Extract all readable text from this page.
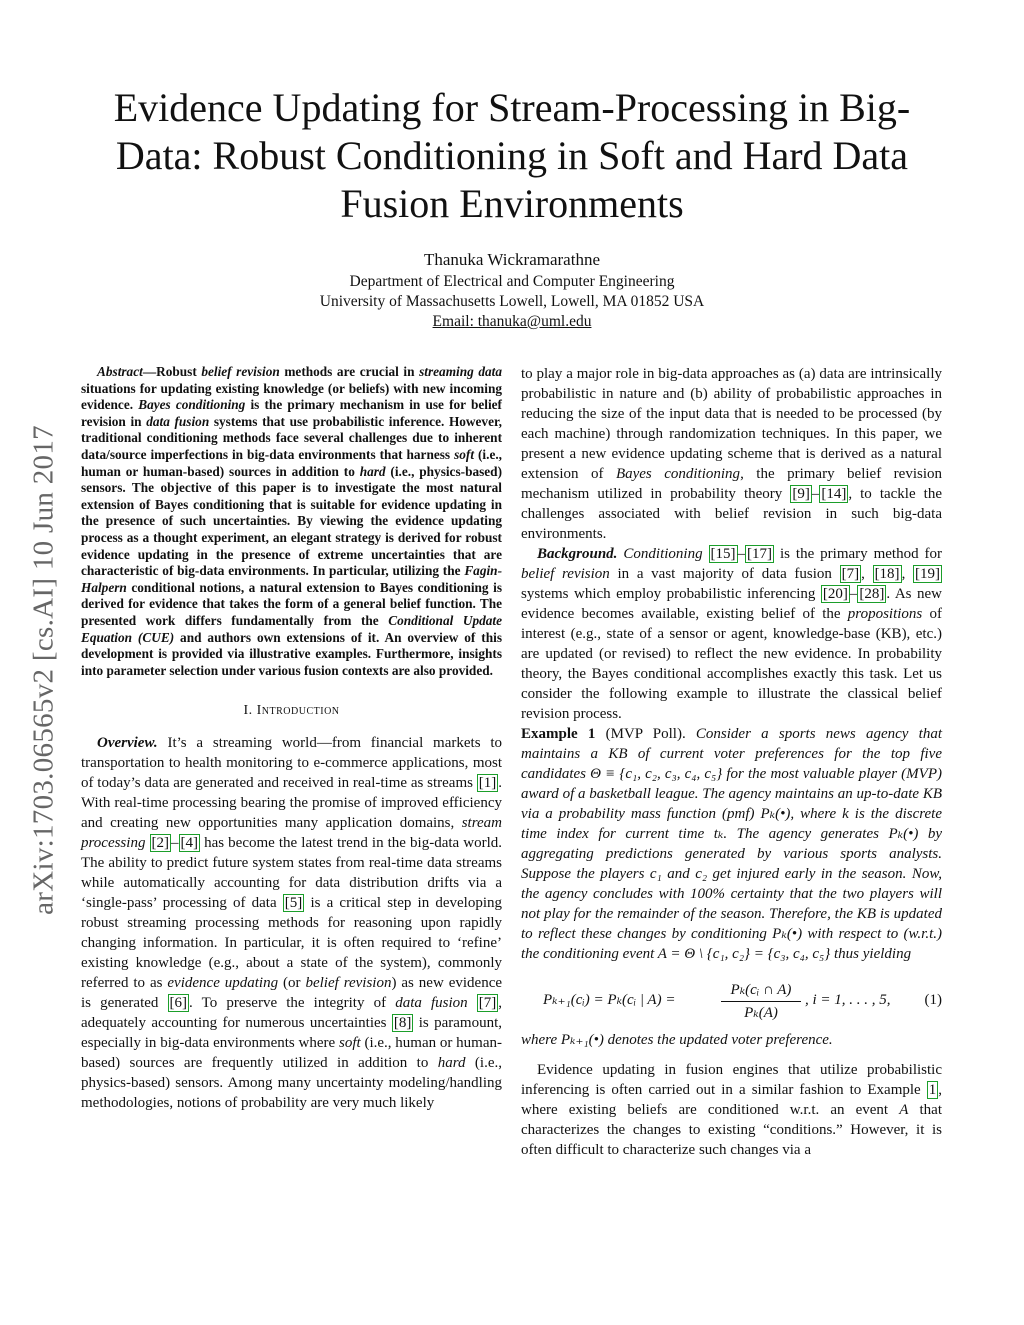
arXiv:1703.06565v2 [cs.AI] 10 Jun 2017
Evidence Updating for Stream-Processing in Big-Data: Robust Conditioning in Soft and Hard Data Fusion Environments
Thanuka Wickramarathne
Department of Electrical and Computer Engineering
University of Massachusetts Lowell, Lowell, MA 01852 USA
Email: thanuka@uml.edu

Abstract—Robust belief revision methods are crucial in streaming data situations for updating existing knowledge (or beliefs) with new incoming evidence. Bayes conditioning is the primary mechanism in use for belief revision in data fusion systems that use probabilistic inference. However, traditional conditioning methods face several challenges due to inherent data/source imperfections in big-data environments that harness soft (i.e., human or human-based) sources in addition to hard (i.e., physics-based) sensors. The objective of this paper is to investigate the most natural extension of Bayes conditioning that is suitable for evidence updating in the presence of such uncertainties. By viewing the evidence updating process as a thought experiment, an elegant strategy is derived for robust evidence updating in the presence of extreme uncertainties that are characteristic of big-data environments. In particular, utilizing the Fagin-Halpern conditional notions, a natural extension to Bayes conditioning is derived for evidence that takes the form of a general belief function. The presented work differs fundamentally from the Conditional Update Equation (CUE) and authors own extensions of it. An overview of this development is provided via illustrative examples. Furthermore, insights into parameter selection under various fusion contexts are also provided.

I. Introduction

Overview. It’s a streaming world—from financial markets to transportation to health monitoring to e-commerce applications, most of today’s data are generated and received in real-time as streams [1] . With real-time processing bearing the promise of improved efficiency and creating new opportunities many application domains, stream processing [2] – [4] has become the latest trend in the big-data world. The ability to predict future system states from real-time data streams while automatically accounting for data distribution drifts via a ‘single-pass’ processing of data [5] is a critical step in developing robust streaming processing methods for reasoning upon rapidly changing information. In particular, it is often required to ‘refine’ existing knowledge (e.g., about a state of the system), commonly referred to as evidence updating (or belief revision) as new evidence is generated [6] . To preserve the integrity of data fusion [7] , adequately accounting for numerous uncertainties [8] is paramount, especially in big-data environments where soft (i.e., human or human-based) sources are frequently utilized in addition to hard (i.e., physics-based) sensors. Among many uncertainty modeling/handling methodologies, notions of probability are very much likely

to play a major role in big-data approaches as (a) data are intrinsically probabilistic in nature and (b) ability of probabilistic approaches in reducing the size of the input data that is needed to be processed (by each machine) through randomization techniques. In this paper, we present a new evidence updating scheme that is derived as a natural extension of Bayes conditioning, the primary belief revision mechanism utilized in probability theory [9] – [14] , to tackle the challenges associated with belief revision in such big-data environments.

Background. Conditioning [15] – [17] is the primary method for belief revision in a vast majority of data fusion [7] , [18] , [19] systems which employ probabilistic inferencing [20] – [28] . As new evidence becomes available, existing belief of the propositions of interest (e.g., state of a sensor or agent, knowledge-base (KB), etc.) are updated (or revised) to reflect the new evidence. In probability theory, the Bayes conditional accomplishes exactly this task. Let us consider the following example to illustrate the classical belief revision process.

Example 1 (MVP Poll). Consider a sports news agency that maintains a KB of current voter preferences for the top five candidates Θ ≡ {c₁, c₂, c₃, c₄, c₅} for the most valuable player (MVP) award of a basketball league. The agency maintains an up-to-date KB via a probability mass function (pmf) Pₖ(•), where k is the discrete time index for current time tₖ. The agency generates Pₖ(•) by aggregating predictions generated by various sports analysts. Suppose the players c₁ and c₂ get injured early in the season. Now, the agency concludes with 100% certainty that the two players will not play for the remainder of the season. Therefore, the KB is updated to reflect these changes by conditioning Pₖ(•) with respect to (w.r.t.) the conditioning event A = Θ \ {c₁, c₂} = {c₃, c₄, c₅} thus yielding

Pₖ₊₁(cᵢ) = Pₖ(cᵢ | A) =	$\frac{\text{Pₖ(cᵢ ∩ A)}}{\text{Pₖ(A)}}$ , i = 1, . . . , 5, (1)

where Pₖ₊₁(•) denotes the updated voter preference.

Evidence updating in fusion engines that utilize probabilistic inferencing is often carried out in a similar fashion to Example 1 , where existing beliefs are conditioned w.r.t. an event A that characterizes the changes to existing “conditions.” However, it is often difficult to characterize such changes via a
